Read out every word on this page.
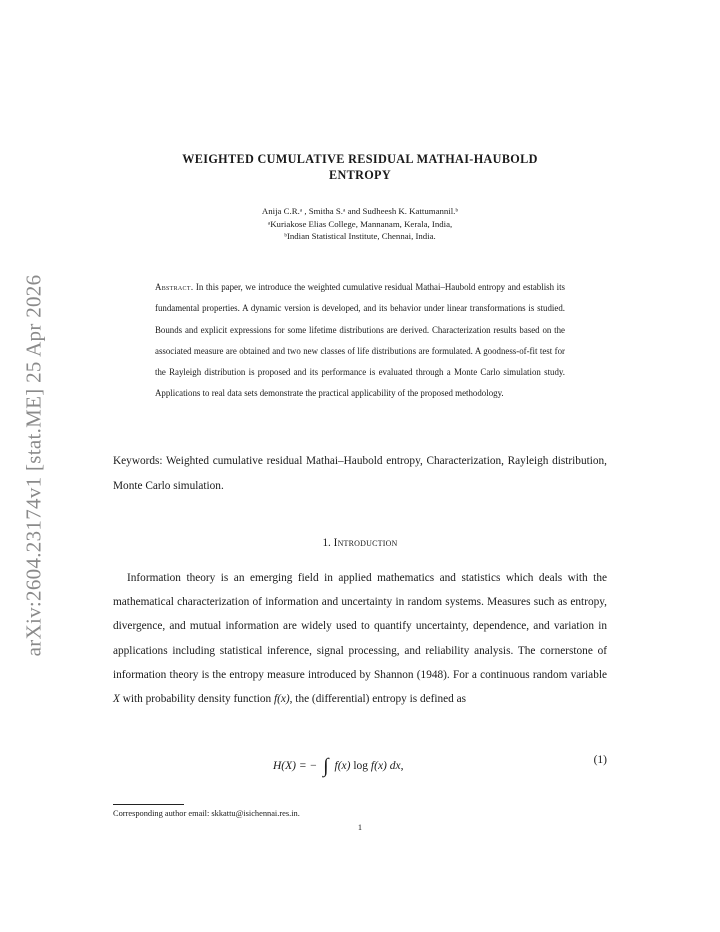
arXiv:2604.23174v1 [stat.ME] 25 Apr 2026
WEIGHTED CUMULATIVE RESIDUAL MATHAI-HAUBOLD
ENTROPY
Anija C.R.ᵃ , Smitha S.ᵃ and Sudheesh K. Kattumannil.ᵇ
ᵃKuriakose Elias College, Mannanam, Kerala, India,
ᵇIndian Statistical Institute, Chennai, India.
Abstract. In this paper, we introduce the weighted cumulative residual Mathai–Haubold entropy and establish its fundamental properties. A dynamic version is developed, and its behavior under linear transformations is studied. Bounds and explicit expressions for some lifetime distributions are derived. Characterization results based on the associated measure are obtained and two new classes of life distributions are formulated. A goodness-of-fit test for the Rayleigh distribution is proposed and its performance is evaluated through a Monte Carlo simulation study. Applications to real data sets demonstrate the practical applicability of the proposed methodology.
Keywords: Weighted cumulative residual Mathai–Haubold entropy, Characterization, Rayleigh distribution, Monte Carlo simulation.
1. Introduction
Information theory is an emerging field in applied mathematics and statistics which deals with the mathematical characterization of information and uncertainty in random systems. Measures such as entropy, divergence, and mutual information are widely used to quantify uncertainty, dependence, and variation in applications including statistical inference, signal processing, and reliability analysis. The cornerstone of information theory is the entropy measure introduced by Shannon (1948). For a continuous random variable X with probability density function f(x), the (differential) entropy is defined as
H(X) = − ∫ f(x) log f(x) dx,	(1)
Corresponding author email: skkattu@isichennai.res.in.
1
